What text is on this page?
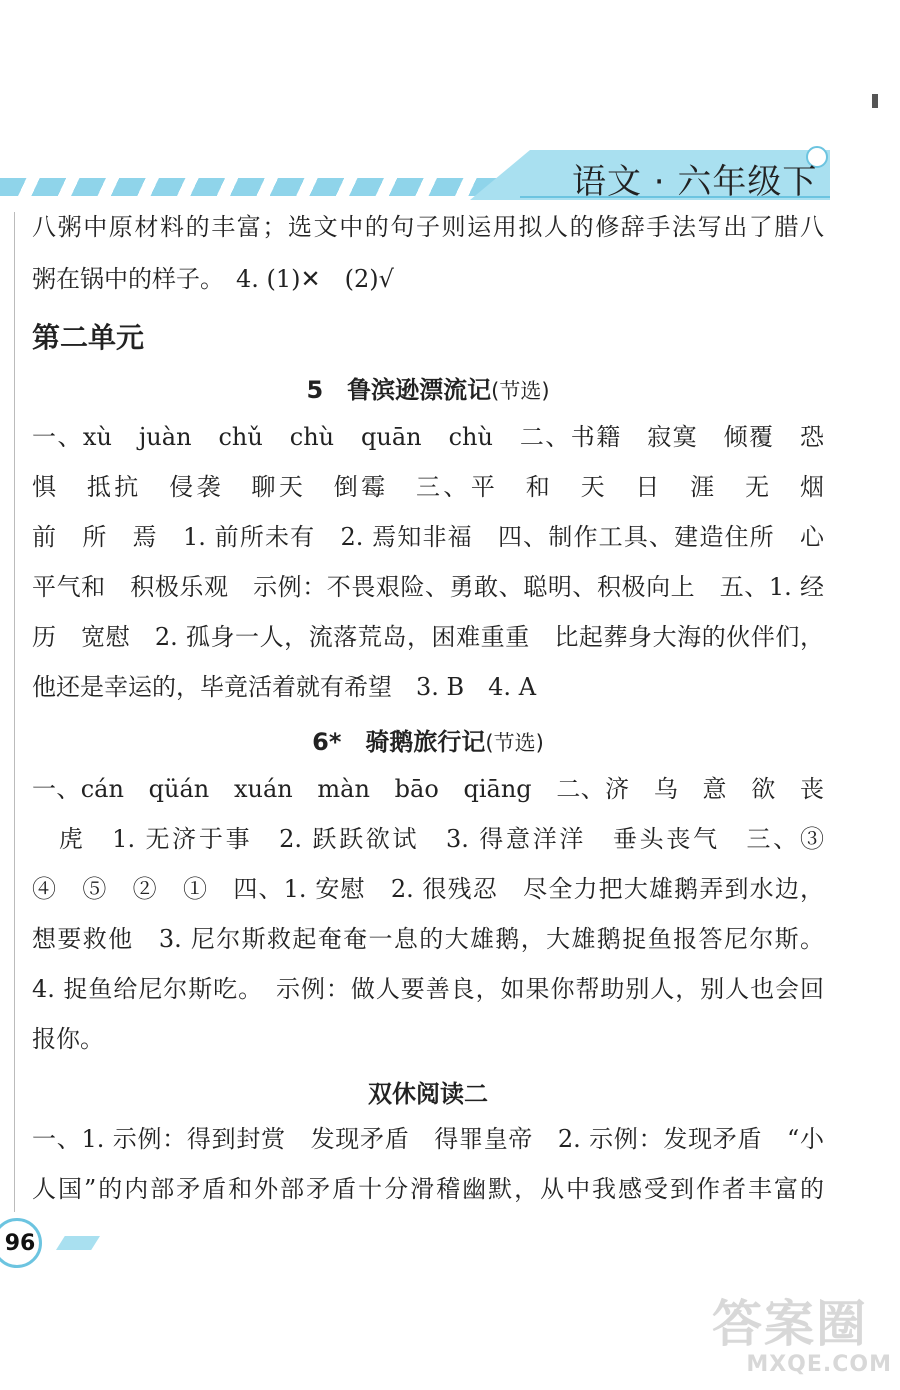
语文 · 六年级下
八粥中原材料的丰富；选文中的句子则运用拟人的修辞手法写出了腊八
粥在锅中的样子。　4. (1)✕　(2)√
第二单元
5　鲁滨逊漂流记(节选)
一、xù　juàn　chǔ　chù　quān　chù　二、书籍　寂寞　倾覆　恐
惧　抵抗　侵袭　聊天　倒霉　三、平　和　天　日　涯　无　烟
前　所　焉　1. 前所未有　2. 焉知非福　四、制作工具、建造住所　心
平气和　积极乐观　示例：不畏艰险、勇敢、聪明、积极向上　五、1. 经
历　宽慰　2. 孤身一人，流落荒岛，困难重重　比起葬身大海的伙伴们，
他还是幸运的，毕竟活着就有希望　3. B　4. A
6*　骑鹅旅行记(节选)
一、cán　qüán　xuán　màn　bāo　qiāng　二、济　乌　意　欲　丧
　虎　1. 无济于事　2. 跃跃欲试　3. 得意洋洋　垂头丧气　三、③
④　⑤　②　①　四、1. 安慰　2. 很残忍　尽全力把大雄鹅弄到水边，
想要救他　3. 尼尔斯救起奄奄一息的大雄鹅，大雄鹅捉鱼报答尼尔斯。
4. 捉鱼给尼尔斯吃。　示例：做人要善良，如果你帮助别人，别人也会回
报你。
双休阅读二
一、1. 示例：得到封赏　发现矛盾　得罪皇帝　2. 示例：发现矛盾　“小
人国”的内部矛盾和外部矛盾十分滑稽幽默，从中我感受到作者丰富的
96
答案圈
MXQE.COM
